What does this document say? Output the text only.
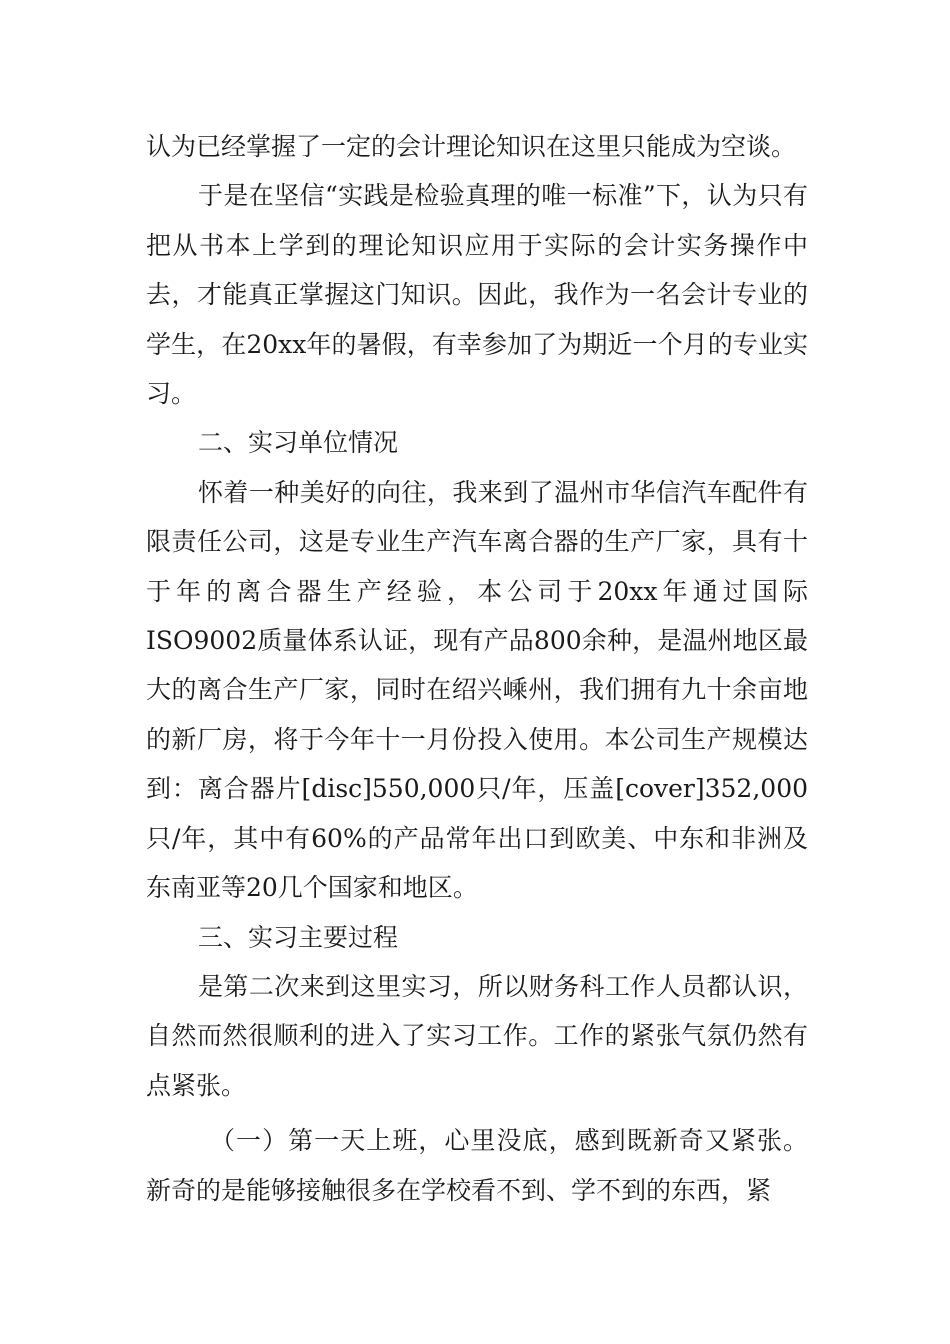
认为已经掌握了一定的会计理论知识在这里只能成为空谈。

于是在坚信“实践是检验真理的唯一标准”下，认为只有把从书本上学到的理论知识应用于实际的会计实务操作中去，才能真正掌握这门知识。因此，我作为一名会计专业的学生，在20xx年的暑假，有幸参加了为期近一个月的专业实习。

二、实习单位情况

怀着一种美好的向往，我来到了温州市华信汽车配件有限责任公司，这是专业生产汽车离合器的生产厂家，具有十于年的离合器生产经验，本公司于20xx年通过国际ISO9002质量体系认证，现有产品800余种，是温州地区最大的离合生产厂家，同时在绍兴嵊州，我们拥有九十余亩地的新厂房，将于今年十一月份投入使用。本公司生产规模达到：离合器片[disc]550,000只/年，压盖[cover]352,000只/年，其中有60%的产品常年出口到欧美、中东和非洲及东南亚等20几个国家和地区。

三、实习主要过程

是第二次来到这里实习，所以财务科工作人员都认识，自然而然很顺利的进入了实习工作。工作的紧张气氛仍然有点紧张。

（一）第一天上班，心里没底，感到既新奇又紧张。新奇的是能够接触很多在学校看不到、学不到的东西，紧
